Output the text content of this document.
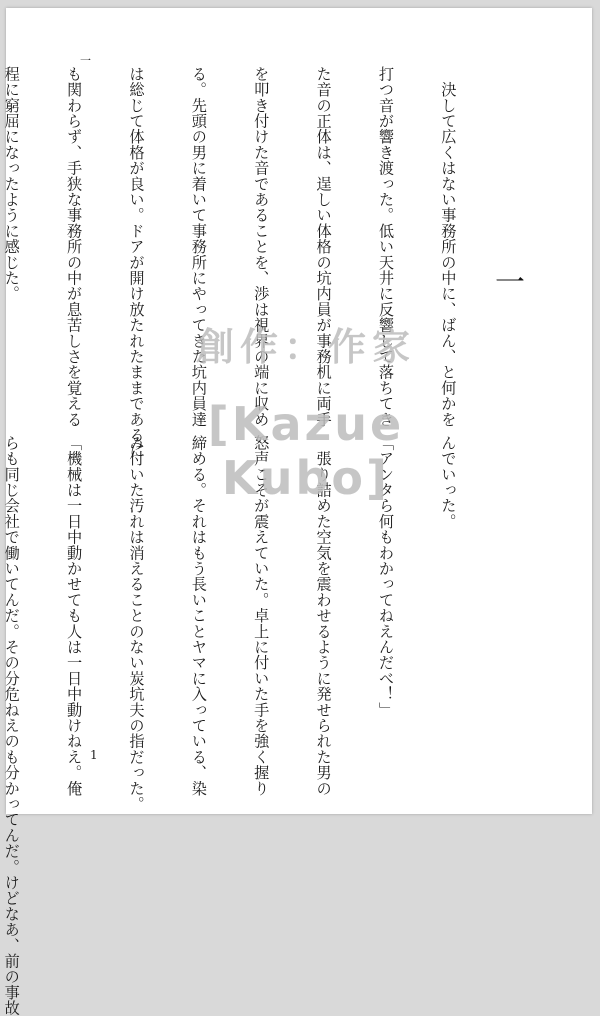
一
一

　決して広くはない事務所の中に、ばん、と何かを

打つ音が響き渡った。低い天井に反響して落ちてき

た音の正体は、逞しい体格の坑内員が事務机に両手

を叩き付けた音であることを、渉は視界の端に収め

る。先頭の男に着いて事務所にやってきた坑内員達

は総じて体格が良い。ドアが開け放たれたままであるに

も関わらず、手狭な事務所の中が息苦しさを覚える

程に窮屈になったように感じた。

んでいった。

「アンタら何もわかってねえんだべ！」

　張り詰めた空気を震わせるように発せられた男の

怒声こそが震えていた。卓上に付いた手を強く握り

締める。それはもう長いことヤマに入っている、染

み付いた汚れは消えることのない炭坑夫の指だった。

「機械は一日中動かせても人は一日中動けねえ。俺

らも同じ会社で働いてんだ。その分危ねえのも分かってんだ。けどなあ、前の事故

創作：作家
[Kazue Kubo]
1
